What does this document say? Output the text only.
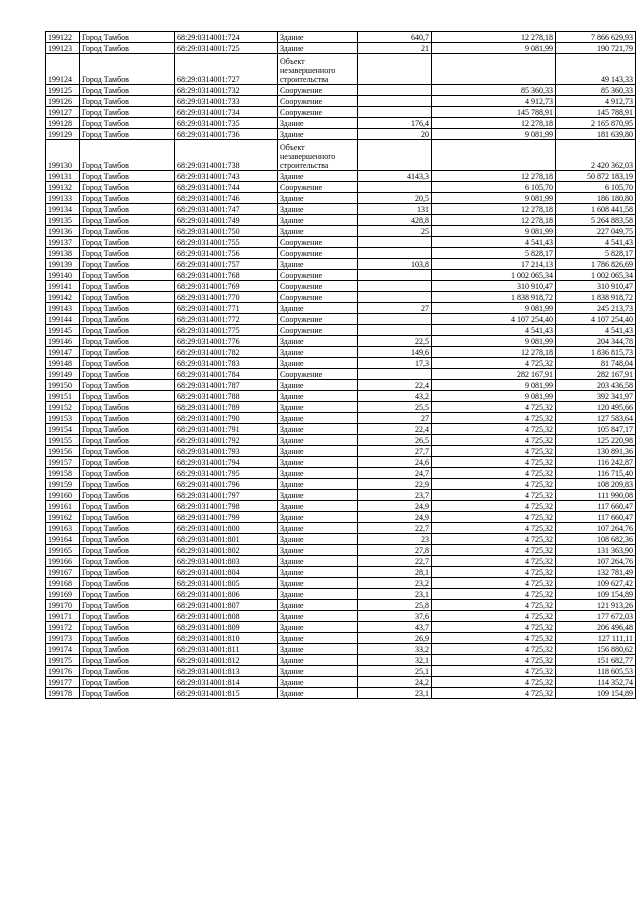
199122	Город Тамбов	68:29:0314001:724	Здание	640,7	12 278,18	7 866 629,93
199123	Город Тамбов	68:29:0314001:725	Здание	21	9 081,99	190 721,79
199124	Город Тамбов	68:29:0314001:727	Объект незавершенного строительства			49 143,33
199125	Город Тамбов	68:29:0314001:732	Сооружение		85 360,33	85 360,33
199126	Город Тамбов	68:29:0314001:733	Сооружение		4 912,73	4 912,73
199127	Город Тамбов	68:29:0314001:734	Сооружение		145 788,91	145 788,91
199128	Город Тамбов	68:29:0314001:735	Здание	176,4	12 278,18	2 165 870,95
199129	Город Тамбов	68:29:0314001:736	Здание	20	9 081,99	181 639,80
199130	Город Тамбов	68:29:0314001:738	Объект незавершенного строительства			2 420 362,03
199131	Город Тамбов	68:29:0314001:743	Здание	4143,3	12 278,18	50 872 183,19
199132	Город Тамбов	68:29:0314001:744	Сооружение		6 105,70	6 105,70
199133	Город Тамбов	68:29:0314001:746	Здание	20,5	9 081,99	186 180,80
199134	Город Тамбов	68:29:0314001:747	Здание	131	12 278,18	1 608 441,58
199135	Город Тамбов	68:29:0314001:749	Здание	428,8	12 278,18	5 264 883,58
199136	Город Тамбов	68:29:0314001:750	Здание	25	9 081,99	227 049,75
199137	Город Тамбов	68:29:0314001:755	Сооружение		4 541,43	4 541,43
199138	Город Тамбов	68:29:0314001:756	Сооружение		5 828,17	5 828,17
199139	Город Тамбов	68:29:0314001:757	Здание	103,8	17 214,13	1 786 826,69
199140	Город Тамбов	68:29:0314001:768	Сооружение		1 002 065,34	1 002 065,34
199141	Город Тамбов	68:29:0314001:769	Сооружение		310 910,47	310 910,47
199142	Город Тамбов	68:29:0314001:770	Сооружение		1 838 918,72	1 838 918,72
199143	Город Тамбов	68:29:0314001:771	Здание	27	9 081,99	245 213,73
199144	Город Тамбов	68:29:0314001:772	Сооружение		4 107 254,40	4 107 254,40
199145	Город Тамбов	68:29:0314001:775	Сооружение		4 541,43	4 541,43
199146	Город Тамбов	68:29:0314001:776	Здание	22,5	9 081,99	204 344,78
199147	Город Тамбов	68:29:0314001:782	Здание	149,6	12 278,18	1 836 815,73
199148	Город Тамбов	68:29:0314001:783	Здание	17,3	4 725,32	81 748,04
199149	Город Тамбов	68:29:0314001:784	Сооружение		282 167,91	282 167,91
199150	Город Тамбов	68:29:0314001:787	Здание	22,4	9 081,99	203 436,58
199151	Город Тамбов	68:29:0314001:788	Здание	43,2	9 081,99	392 341,97
199152	Город Тамбов	68:29:0314001:789	Здание	25,5	4 725,32	120 495,66
199153	Город Тамбов	68:29:0314001:790	Здание	27	4 725,32	127 583,64
199154	Город Тамбов	68:29:0314001:791	Здание	22,4	4 725,32	105 847,17
199155	Город Тамбов	68:29:0314001:792	Здание	26,5	4 725,32	125 220,98
199156	Город Тамбов	68:29:0314001:793	Здание	27,7	4 725,32	130 891,36
199157	Город Тамбов	68:29:0314001:794	Здание	24,6	4 725,32	116 242,87
199158	Город Тамбов	68:29:0314001:795	Здание	24,7	4 725,32	116 715,40
199159	Город Тамбов	68:29:0314001:796	Здание	22,9	4 725,32	108 209,83
199160	Город Тамбов	68:29:0314001:797	Здание	23,7	4 725,32	111 990,08
199161	Город Тамбов	68:29:0314001:798	Здание	24,9	4 725,32	117 660,47
199162	Город Тамбов	68:29:0314001:799	Здание	24,9	4 725,32	117 660,47
199163	Город Тамбов	68:29:0314001:800	Здание	22,7	4 725,32	107 264,76
199164	Город Тамбов	68:29:0314001:801	Здание	23	4 725,32	108 682,36
199165	Город Тамбов	68:29:0314001:802	Здание	27,8	4 725,32	131 363,90
199166	Город Тамбов	68:29:0314001:803	Здание	22,7	4 725,32	107 264,76
199167	Город Тамбов	68:29:0314001:804	Здание	28,1	4 725,32	132 781,49
199168	Город Тамбов	68:29:0314001:805	Здание	23,2	4 725,32	109 627,42
199169	Город Тамбов	68:29:0314001:806	Здание	23,1	4 725,32	109 154,89
199170	Город Тамбов	68:29:0314001:807	Здание	25,8	4 725,32	121 913,26
199171	Город Тамбов	68:29:0314001:808	Здание	37,6	4 725,32	177 672,03
199172	Город Тамбов	68:29:0314001:809	Здание	43,7	4 725,32	206 496,48
199173	Город Тамбов	68:29:0314001:810	Здание	26,9	4 725,32	127 111,11
199174	Город Тамбов	68:29:0314001:811	Здание	33,2	4 725,32	156 880,62
199175	Город Тамбов	68:29:0314001:812	Здание	32,1	4 725,32	151 682,77
199176	Город Тамбов	68:29:0314001:813	Здание	25,1	4 725,32	118 605,53
199177	Город Тамбов	68:29:0314001:814	Здание	24,2	4 725,32	114 352,74
199178	Город Тамбов	68:29:0314001:815	Здание	23,1	4 725,32	109 154,89
